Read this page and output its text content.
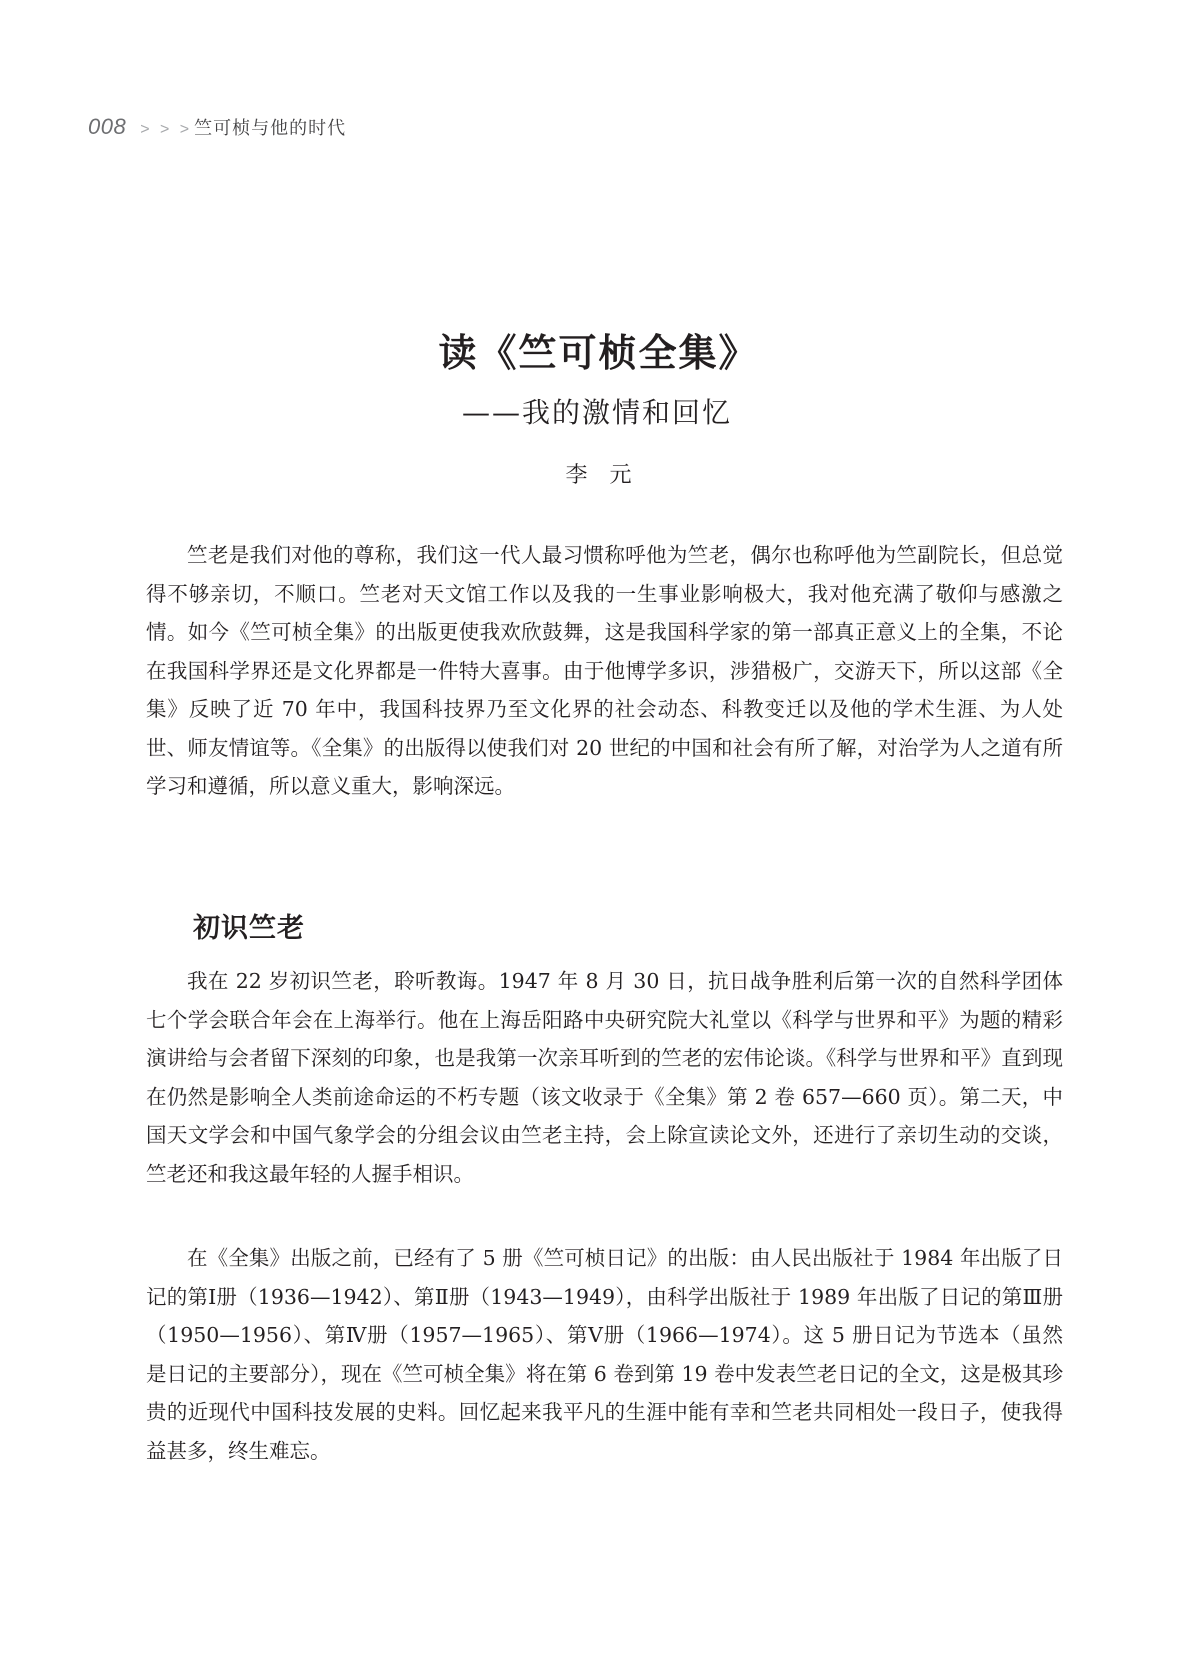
008 > > > 竺可桢与他的时代
读《竺可桢全集》
——我的激情和回忆
李元

竺老是我们对他的尊称，我们这一代人最习惯称呼他为竺老，偶尔也称呼他为竺副院长，但总觉得不够亲切，不顺口。竺老对天文馆工作以及我的一生事业影响极大，我对他充满了敬仰与感激之情。如今《竺可桢全集》的出版更使我欢欣鼓舞，这是我国科学家的第一部真正意义上的全集，不论在我国科学界还是文化界都是一件特大喜事。由于他博学多识，涉猎极广，交游天下，所以这部《全集》反映了近 70 年中，我国科技界乃至文化界的社会动态、科教变迁以及他的学术生涯、为人处世、师友情谊等。《全集》的出版得以使我们对 20 世纪的中国和社会有所了解，对治学为人之道有所学习和遵循，所以意义重大，影响深远。

初识竺老

我在 22 岁初识竺老，聆听教诲。1947 年 8 月 30 日，抗日战争胜利后第一次的自然科学团体七个学会联合年会在上海举行。他在上海岳阳路中央研究院大礼堂以《科学与世界和平》为题的精彩演讲给与会者留下深刻的印象，也是我第一次亲耳听到的竺老的宏伟论谈。《科学与世界和平》直到现在仍然是影响全人类前途命运的不朽专题（该文收录于《全集》第 2 卷 657—660 页）。第二天，中国天文学会和中国气象学会的分组会议由竺老主持，会上除宣读论文外，还进行了亲切生动的交谈，竺老还和我这最年轻的人握手相识。

在《全集》出版之前，已经有了 5 册《竺可桢日记》的出版：由人民出版社于 1984 年出版了日记的第Ⅰ册（1936—1942）、第Ⅱ册（1943—1949），由科学出版社于 1989 年出版了日记的第Ⅲ册（1950—1956）、第Ⅳ册（1957—1965）、第Ⅴ册（1966—1974）。这 5 册日记为节选本（虽然是日记的主要部分），现在《竺可桢全集》将在第 6 卷到第 19 卷中发表竺老日记的全文，这是极其珍贵的近现代中国科技发展的史料。回忆起来我平凡的生涯中能有幸和竺老共同相处一段日子，使我得益甚多，终生难忘。
